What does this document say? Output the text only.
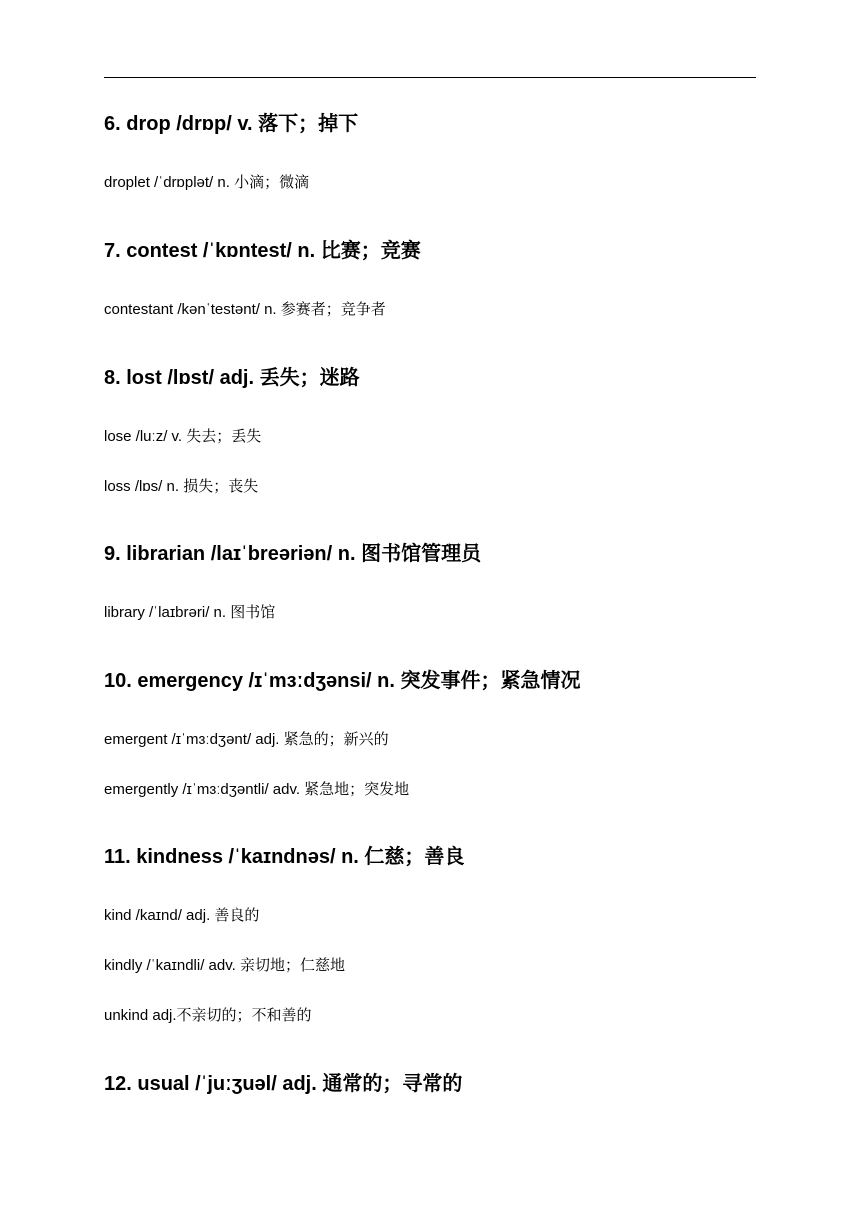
6. drop /drɒp/ v. 落下；掉下
droplet /ˈdrɒplət/ n. 小滴；微滴
7. contest /ˈkɒntest/ n. 比赛；竞赛
contestant /kənˈtestənt/ n. 参赛者；竞争者
8. lost /lɒst/ adj. 丢失；迷路
lose /luːz/ v. 失去；丢失
loss /lɒs/ n. 损失；丧失
9. librarian /laɪˈbreəriən/ n. 图书馆管理员
library /ˈlaɪbrəri/ n. 图书馆
10. emergency /ɪˈmɜːdʒənsi/ n. 突发事件；紧急情况
emergent /ɪˈmɜːdʒənt/ adj. 紧急的；新兴的
emergently /ɪˈmɜːdʒəntli/ adv. 紧急地；突发地
11. kindness /ˈkaɪndnəs/ n. 仁慈；善良
kind /kaɪnd/ adj. 善良的
kindly /ˈkaɪndli/ adv. 亲切地；仁慈地
unkind adj.不亲切的；不和善的
12. usual /ˈjuːʒuəl/ adj. 通常的；寻常的
